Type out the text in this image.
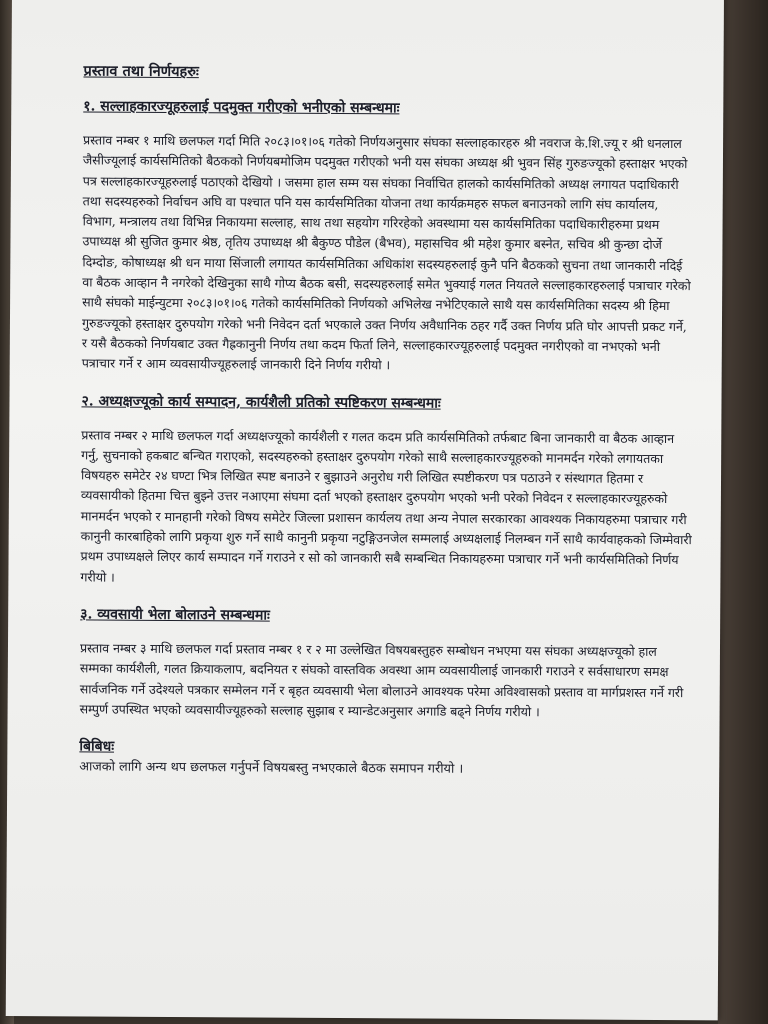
प्रस्ताव तथा निर्णयहरुः

१. सल्लाहकारज्यूहरुलाई पदमुक्त गरीएको भनीएको सम्बन्धमाः

प्रस्ताव नम्बर १ माथि छलफल गर्दा मिति २०८३।०१।०६ गतेको निर्णयअनुसार संघका सल्लाहकारहरु श्री नवराज के.शि.ज्यू र श्री धनलाल जैसीज्यूलाई कार्यसमितिको बैठकको निर्णयबमोजिम पदमुक्त गरीएको भनी यस संघका अध्यक्ष श्री भुवन सिंह गुरुङज्यूको हस्ताक्षर भएको पत्र सल्लाहकारज्यूहरुलाई पठाएको देखियो । जसमा हाल सम्म यस संघका निर्वाचित हालको कार्यसमितिको अध्यक्ष लगायत पदाधिकारी तथा सदस्यहरुको निर्वाचन अघि वा पश्चात पनि यस कार्यसमितिका योजना तथा कार्यक्रमहरु सफल बनाउनको लागि संघ कार्यालय, विभाग, मन्त्रालय तथा विभिन्न निकायमा सल्लाह, साथ तथा सहयोग गरिरहेको अवस्थामा यस कार्यसमितिका पदाधिकारीहरुमा प्रथम उपाध्यक्ष श्री सुजित कुमार श्रेष्ठ, तृतिय उपाध्यक्ष श्री बैकुण्ठ पौडेल (बैभव), महासचिव श्री महेश कुमार बस्नेत, सचिव श्री कुन्छा दोर्जे दिम्दोङ, कोषाध्यक्ष श्री धन माया सिंजाली लगायत कार्यसमितिका अधिकांश सदस्यहरुलाई कुनै पनि बैठकको सुचना तथा जानकारी नदिई वा बैठक आव्हान नै नगरेको देखिनुका साथै गोप्य बैठक बसी, सदस्यहरुलाई समेत भुक्याई गलत नियतले सल्लाहकारहरुलाई पत्राचार गरेको साथै संघको माईन्युटमा २०८३।०१।०६ गतेको कार्यसमितिको निर्णयको अभिलेख नभेटिएकाले साथै यस कार्यसमितिका सदस्य श्री हिमा गुरुङज्यूको हस्ताक्षर दुरुपयोग गरेको भनी निवेदन दर्ता भएकाले उक्त निर्णय अवैधानिक ठहर गर्दै उक्त निर्णय प्रति घोर आपत्ती प्रकट गर्ने, र यसै बैठकको निर्णयबाट उक्त गैह्रकानुनी निर्णय तथा कदम फिर्ता लिने, सल्लाहकारज्यूहरुलाई पदमुक्त नगरीएको वा नभएको भनी पत्राचार गर्ने र आम व्यवसायीज्यूहरुलाई जानकारी दिने निर्णय गरीयो ।

२. अध्यक्षज्यूको कार्य सम्पादन, कार्यशैली प्रतिको स्पष्टिकरण सम्बन्धमाः

प्रस्ताव नम्बर २ माथि छलफल गर्दा अध्यक्षज्यूको कार्यशैली र गलत कदम प्रति कार्यसमितिको तर्फबाट बिना जानकारी वा बैठक आव्हान गर्नु, सुचनाको हकबाट बन्चित गराएको, सदस्यहरुको हस्ताक्षर दुरुपयोग गरेको साथै सल्लाहकारज्यूहरुको मानमर्दन गरेको लगायतका विषयहरु समेटेर २४ घण्टा भित्र लिखित स्पष्ट बनाउने र बुझाउने अनुरोध गरी लिखित स्पष्टीकरण पत्र पठाउने र संस्थागत हितमा र व्यवसायीको हितमा चित्त बुझ्ने उत्तर नआएमा संघमा दर्ता भएको हस्ताक्षर दुरुपयोग भएको भनी परेको निवेदन र सल्लाहकारज्यूहरुको मानमर्दन भएको र मानहानी गरेको विषय समेटेर जिल्ला प्रशासन कार्यलय तथा अन्य नेपाल सरकारका आवश्यक निकायहरुमा पत्राचार गरी कानुनी कारबाहिको लागि प्रकृया शुरु गर्ने साथै कानुनी प्रकृया नटुङ्गिउनजेल सम्मलाई अध्यक्षलाई निलम्बन गर्ने साथै कार्यवाहकको जिम्मेवारी प्रथम उपाध्यक्षले लिएर कार्य सम्पादन गर्ने गराउने र सो को जानकारी सबै सम्बन्धित निकायहरुमा पत्राचार गर्ने भनी कार्यसमितिको निर्णय गरीयो ।

३. व्यवसायी भेला बोलाउने सम्बन्धमाः

प्रस्ताव नम्बर ३ माथि छलफल गर्दा प्रस्ताव नम्बर १ र २ मा उल्लेखित विषयबस्तुहरु सम्बोधन नभएमा यस संघका अध्यक्षज्यूको हाल सम्मका कार्यशैली, गलत क्रियाकलाप, बदनियत र संघको वास्तविक अवस्था आम व्यवसायीलाई जानकारी गराउने र सर्वसाधारण समक्ष सार्वजनिक गर्ने उदेश्यले पत्रकार सम्मेलन गर्ने र बृहत व्यवसायी भेला बोलाउने आवश्यक परेमा अविश्वासको प्रस्ताव वा मार्गप्रशस्त गर्ने गरी सम्पुर्ण उपस्थित भएको व्यवसायीज्यूहरुको सल्लाह सुझाब र म्यान्डेटअनुसार अगाडि बढ्ने निर्णय गरीयो ।

बिबिधः

आजको लागि अन्य थप छलफल गर्नुपर्ने विषयबस्तु नभएकाले बैठक समापन गरीयो ।
